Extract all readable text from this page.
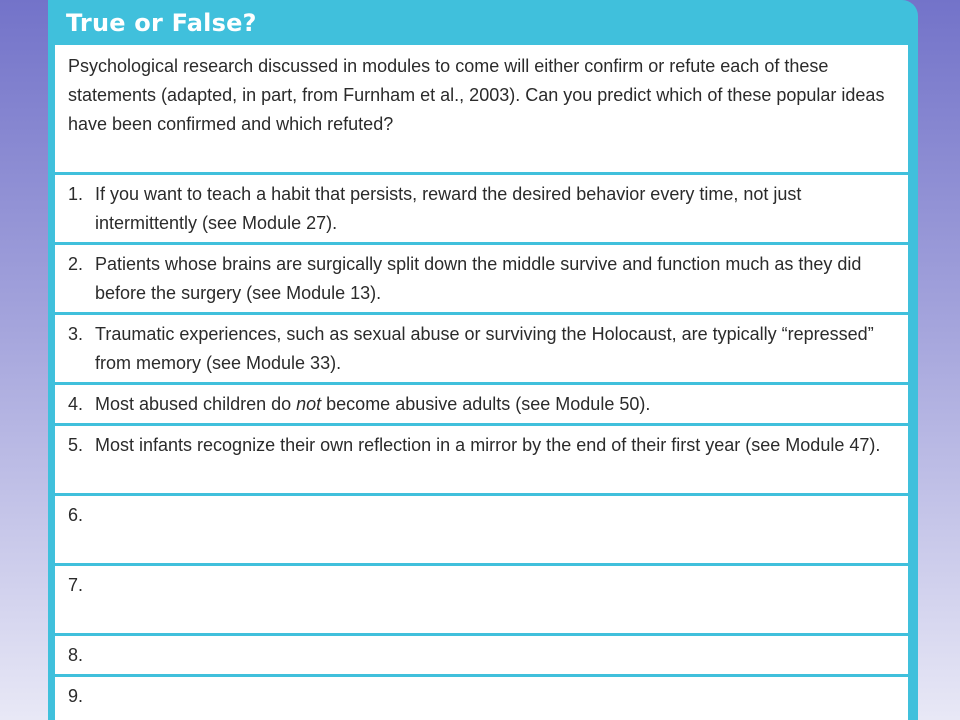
True or False?
Psychological research discussed in modules to come will either confirm or refute each of these statements (adapted, in part, from Furnham et al., 2003). Can you predict which of these popular ideas have been confirmed and which refuted?
1. If you want to teach a habit that persists, reward the desired behavior every time, not just intermittently (see Module 27).
2. Patients whose brains are surgically split down the middle survive and function much as they did before the surgery (see Module 13).
3. Traumatic experiences, such as sexual abuse or surviving the Holocaust, are typically “repressed” from memory (see Module 33).
4. Most abused children do not become abusive adults (see Module 50).
5. Most infants recognize their own reflection in a mirror by the end of their first year (see Module 47).
6.
7.
8.
9.
